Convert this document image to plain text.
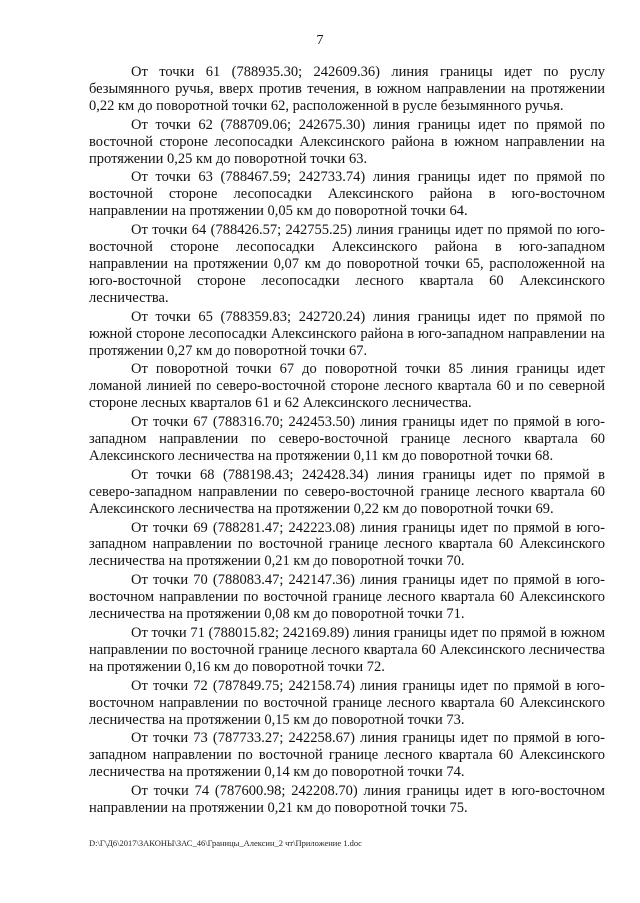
7

От точки 61 (788935.30; 242609.36) линия границы идет по руслу безымянного ручья, вверх против течения, в южном направлении на протяжении 0,22 км до поворотной точки 62, расположенной в русле безымянного ручья.

От точки 62 (788709.06; 242675.30) линия границы идет по прямой по восточной стороне лесопосадки Алексинского района в южном направлении на протяжении 0,25 км до поворотной точки 63.

От точки 63 (788467.59; 242733.74) линия границы идет по прямой по восточной стороне лесопосадки Алексинского района в юго-восточном направлении на протяжении 0,05 км до поворотной точки 64.

От точки 64 (788426.57; 242755.25) линия границы идет по прямой по юго-восточной стороне лесопосадки Алексинского района в юго-западном направлении на протяжении 0,07 км до поворотной точки 65, расположенной на юго-восточной стороне лесопосадки лесного квартала 60 Алексинского лесничества.

От точки 65 (788359.83; 242720.24) линия границы идет по прямой по южной стороне лесопосадки Алексинского района в юго-западном направлении на протяжении 0,27 км до поворотной точки 67.

От поворотной точки 67 до поворотной точки 85 линия границы идет ломаной линией по северо-восточной стороне лесного квартала 60 и по северной стороне лесных кварталов 61 и 62 Алексинского лесничества.

От точки 67 (788316.70; 242453.50) линия границы идет по прямой в юго-западном направлении по северо-восточной границе лесного квартала 60 Алексинского лесничества на протяжении 0,11 км до поворотной точки 68.

От точки 68 (788198.43; 242428.34) линия границы идет по прямой в северо-западном направлении по северо-восточной границе лесного квартала 60 Алексинского лесничества на протяжении 0,22 км до поворотной точки 69.

От точки 69 (788281.47; 242223.08) линия границы идет по прямой в юго-западном направлении по восточной границе лесного квартала 60 Алексинского лесничества на протяжении 0,21 км до поворотной точки 70.

От точки 70 (788083.47; 242147.36) линия границы идет по прямой в юго-восточном направлении по восточной границе лесного квартала 60 Алексинского лесничества на протяжении 0,08 км до поворотной точки 71.

От точки 71 (788015.82; 242169.89) линия границы идет по прямой в южном направлении по восточной границе лесного квартала 60 Алексинского лесничества на протяжении 0,16 км до поворотной точки 72.

От точки 72 (787849.75; 242158.74) линия границы идет по прямой в юго-восточном направлении по восточной границе лесного квартала 60 Алексинского лесничества на протяжении 0,15 км до поворотной точки 73.

От точки 73 (787733.27; 242258.67) линия границы идет по прямой в юго-западном направлении по восточной границе лесного квартала 60 Алексинского лесничества на протяжении 0,14 км до поворотной точки 74.

От точки 74 (787600.98; 242208.70) линия границы идет в юго-восточном направлении на протяжении 0,21 км до поворотной точки 75.

D:\Г\Д6\2017\ЗАКОНЫ\ЗАС_46\Границы_Алексин_2 чт\Приложение 1.doc
